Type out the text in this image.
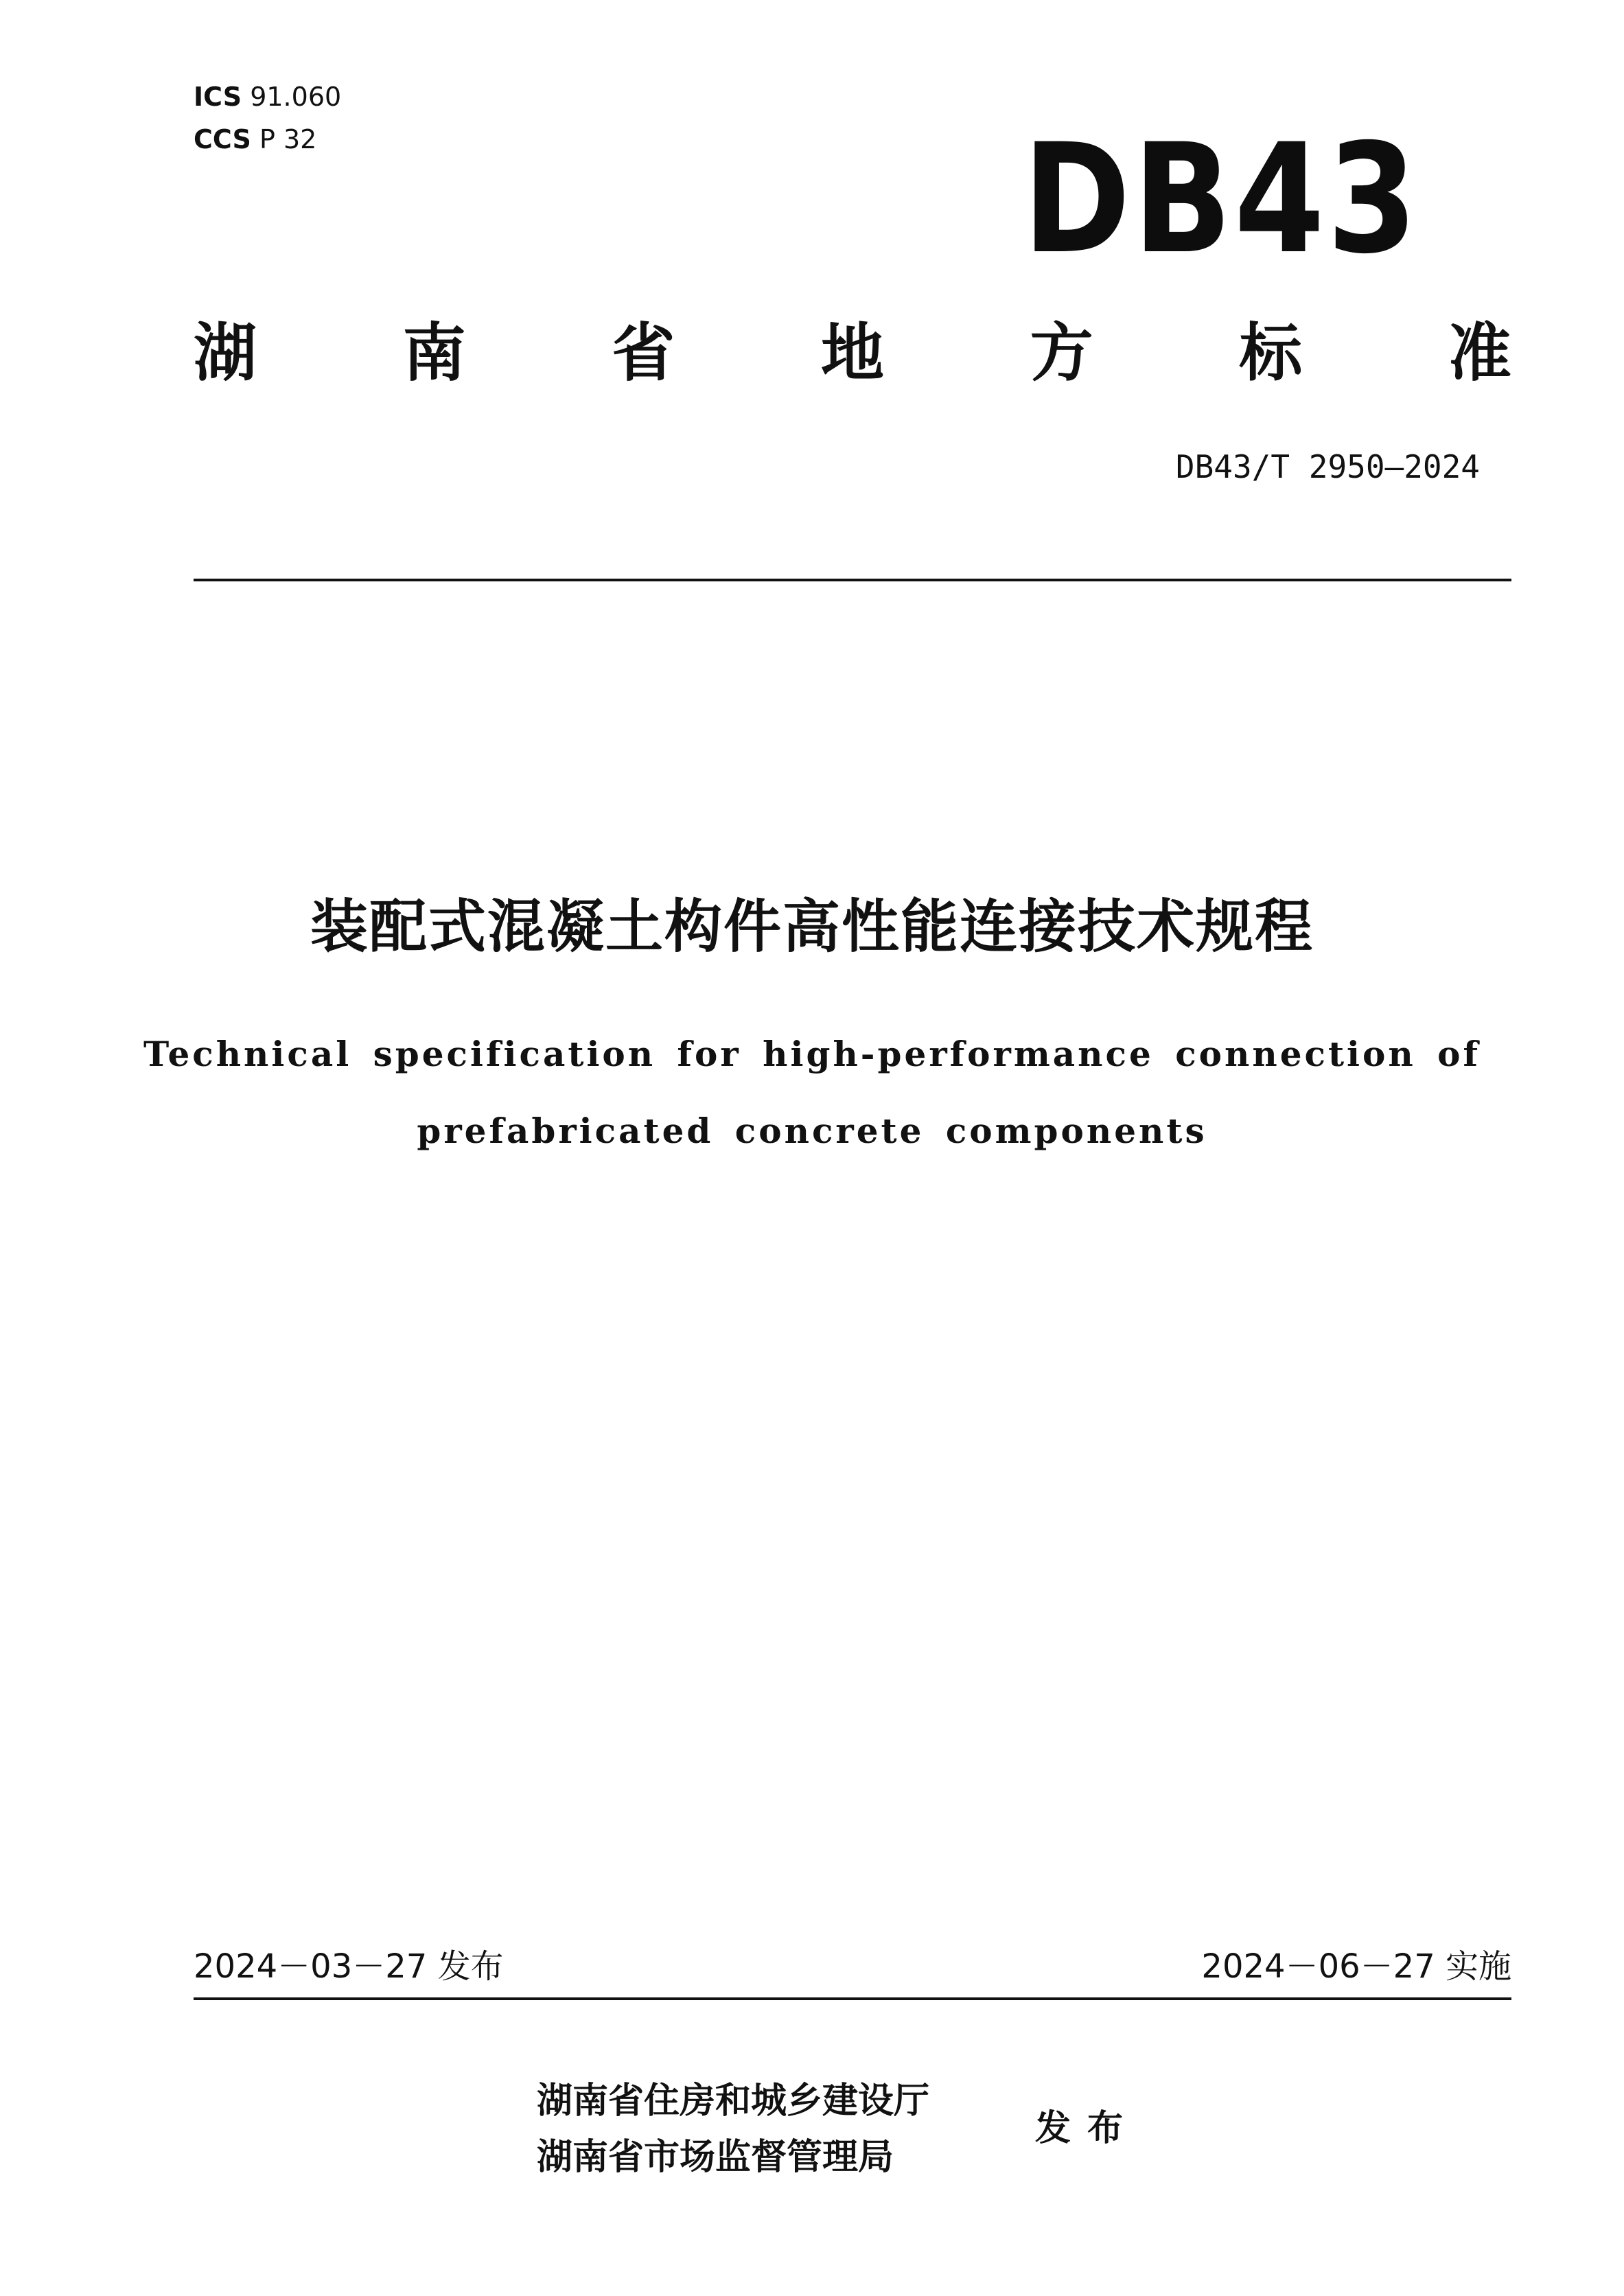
ICS 91.060
CCS P 32	DB43
湖 南 省 地 方 标 准
DB43/T 2950—2024
装配式混凝土构件高性能连接技术规程
Technical specification for high-performance connection of
prefabricated concrete components
2024－03－27 发布	2024－06－27 实施
湖南省住房和城乡建设厅
湖南省市场监督管理局
发布
